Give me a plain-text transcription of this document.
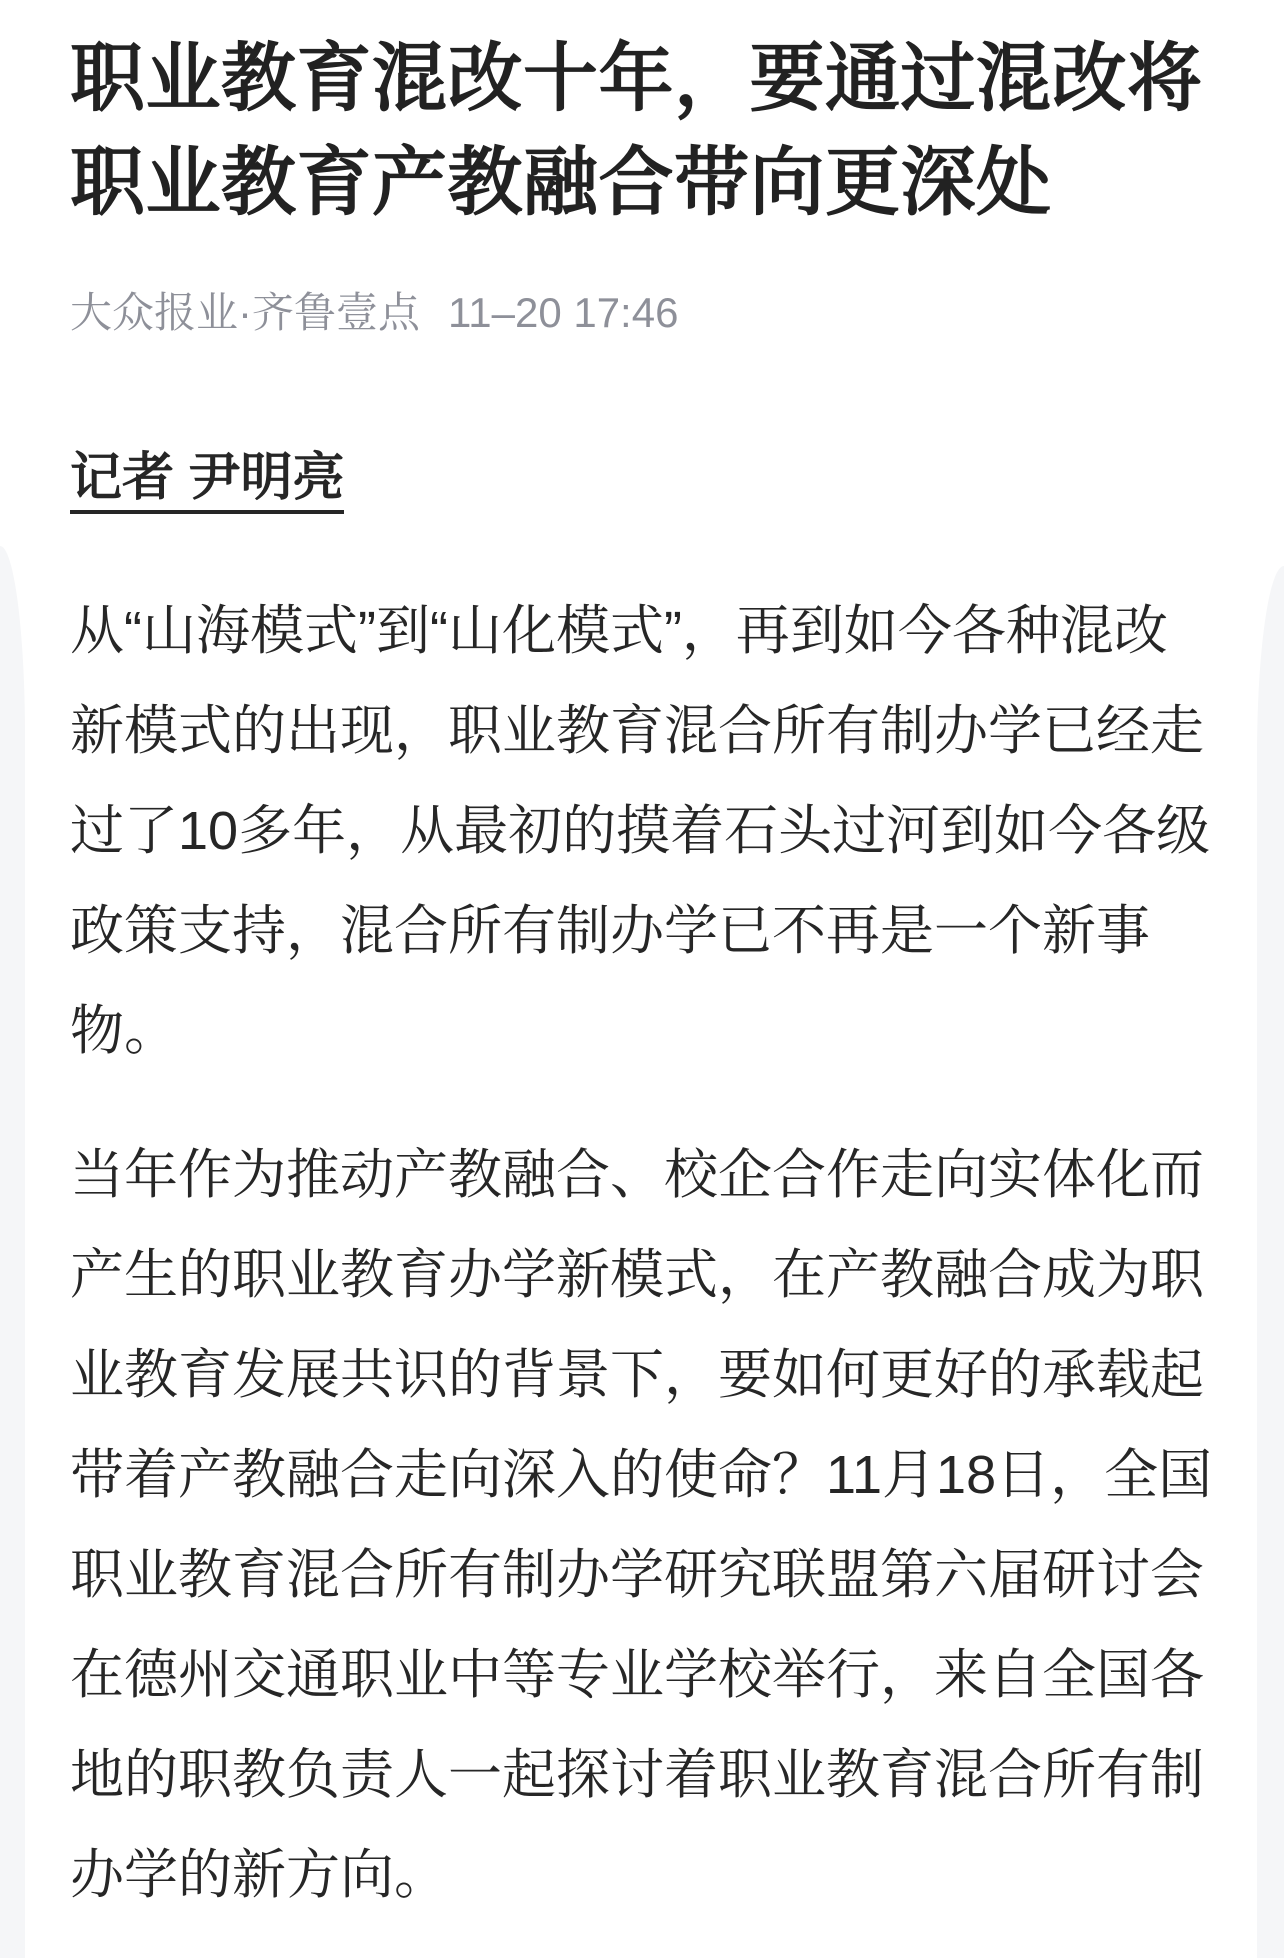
职业教育混改十年，要通过混改将职业教育产教融合带向更深处
大众报业·齐鲁壹点 11–20 17:46
记者 尹明亮

从“山海模式”到“山化模式”，再到如今各种混改新模式的出现，职业教育混合所有制办学已经走过了10多年，从最初的摸着石头过河到如今各级政策支持，混合所有制办学已不再是一个新事物。

当年作为推动产教融合、校企合作走向实体化而产生的职业教育办学新模式，在产教融合成为职业教育发展共识的背景下，要如何更好的承载起带着产教融合走向深入的使命？11月18日，全国职业教育混合所有制办学研究联盟第六届研讨会在德州交通职业中等专业学校举行，来自全国各地的职教负责人一起探讨着职业教育混合所有制办学的新方向。
